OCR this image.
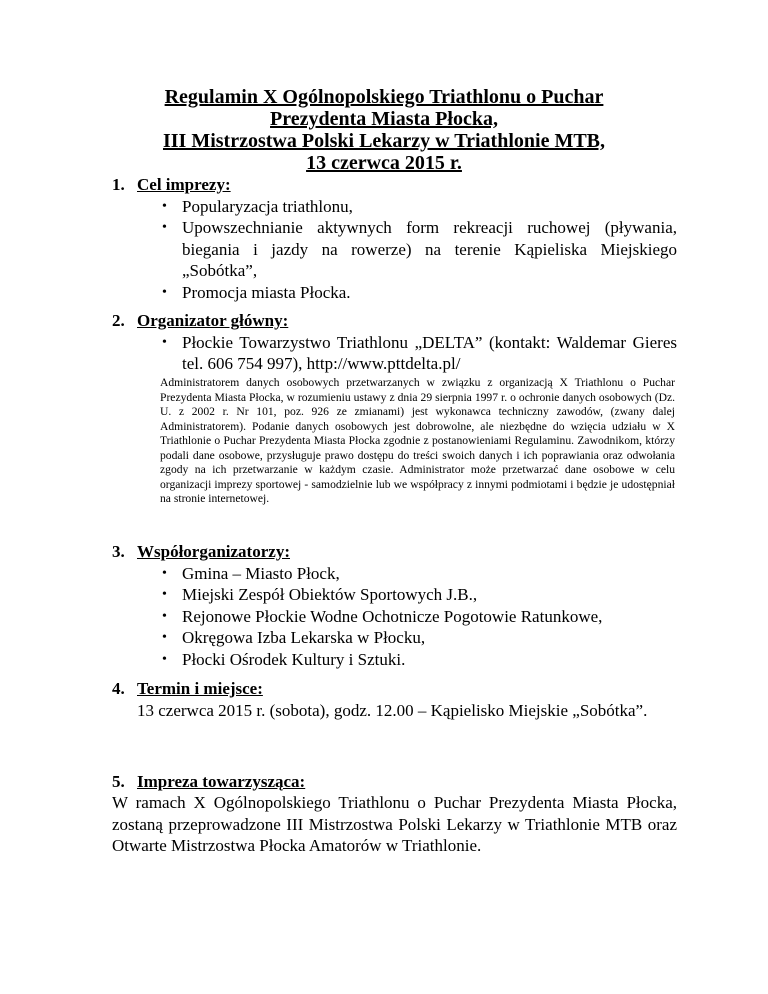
Regulamin X Ogólnopolskiego Triathlonu o Puchar
Prezydenta Miasta Płocka,
III Mistrzostwa Polski Lekarzy w Triathlonie MTB,
13 czerwca 2015 r.
1. Cel imprezy:
• Popularyzacja triathlonu,
• Upowszechnianie aktywnych form rekreacji ruchowej (pływania, biegania i jazdy na rowerze) na terenie Kąpieliska Miejskiego „Sobótka”,
• Promocja miasta Płocka.
2. Organizator główny:
• Płockie Towarzystwo Triathlonu „DELTA” (kontakt: Waldemar Gieres tel. 606 754 997), http://www.pttdelta.pl/
Administratorem danych osobowych przetwarzanych w związku z organizacją X Triathlonu o Puchar Prezydenta Miasta Płocka, w rozumieniu ustawy z dnia 29 sierpnia 1997 r. o ochronie danych osobowych (Dz. U. z 2002 r. Nr 101, poz. 926 ze zmianami) jest wykonawca techniczny zawodów, (zwany dalej Administratorem). Podanie danych osobowych jest dobrowolne, ale niezbędne do wzięcia udziału w X Triathlonie o Puchar Prezydenta Miasta Płocka zgodnie z postanowieniami Regulaminu. Zawodnikom, którzy podali dane osobowe, przysługuje prawo dostępu do treści swoich danych i ich poprawiania oraz odwołania zgody na ich przetwarzanie w każdym czasie. Administrator może przetwarzać dane osobowe w celu organizacji imprezy sportowej - samodzielnie lub we współpracy z innymi podmiotami i będzie je udostępniał na stronie internetowej.
3. Współorganizatorzy:
• Gmina – Miasto Płock,
• Miejski Zespół Obiektów Sportowych J.B.,
• Rejonowe Płockie Wodne Ochotnicze Pogotowie Ratunkowe,
• Okręgowa Izba Lekarska w Płocku,
• Płocki Ośrodek Kultury i Sztuki.
4. Termin i miejsce:
13 czerwca 2015 r. (sobota), godz. 12.00 – Kąpielisko Miejskie „Sobótka”.
5. Impreza towarzysząca:
W ramach X Ogólnopolskiego Triathlonu o Puchar Prezydenta Miasta Płocka, zostaną przeprowadzone III Mistrzostwa Polski Lekarzy w Triathlonie MTB oraz Otwarte Mistrzostwa Płocka Amatorów w Triathlonie.
